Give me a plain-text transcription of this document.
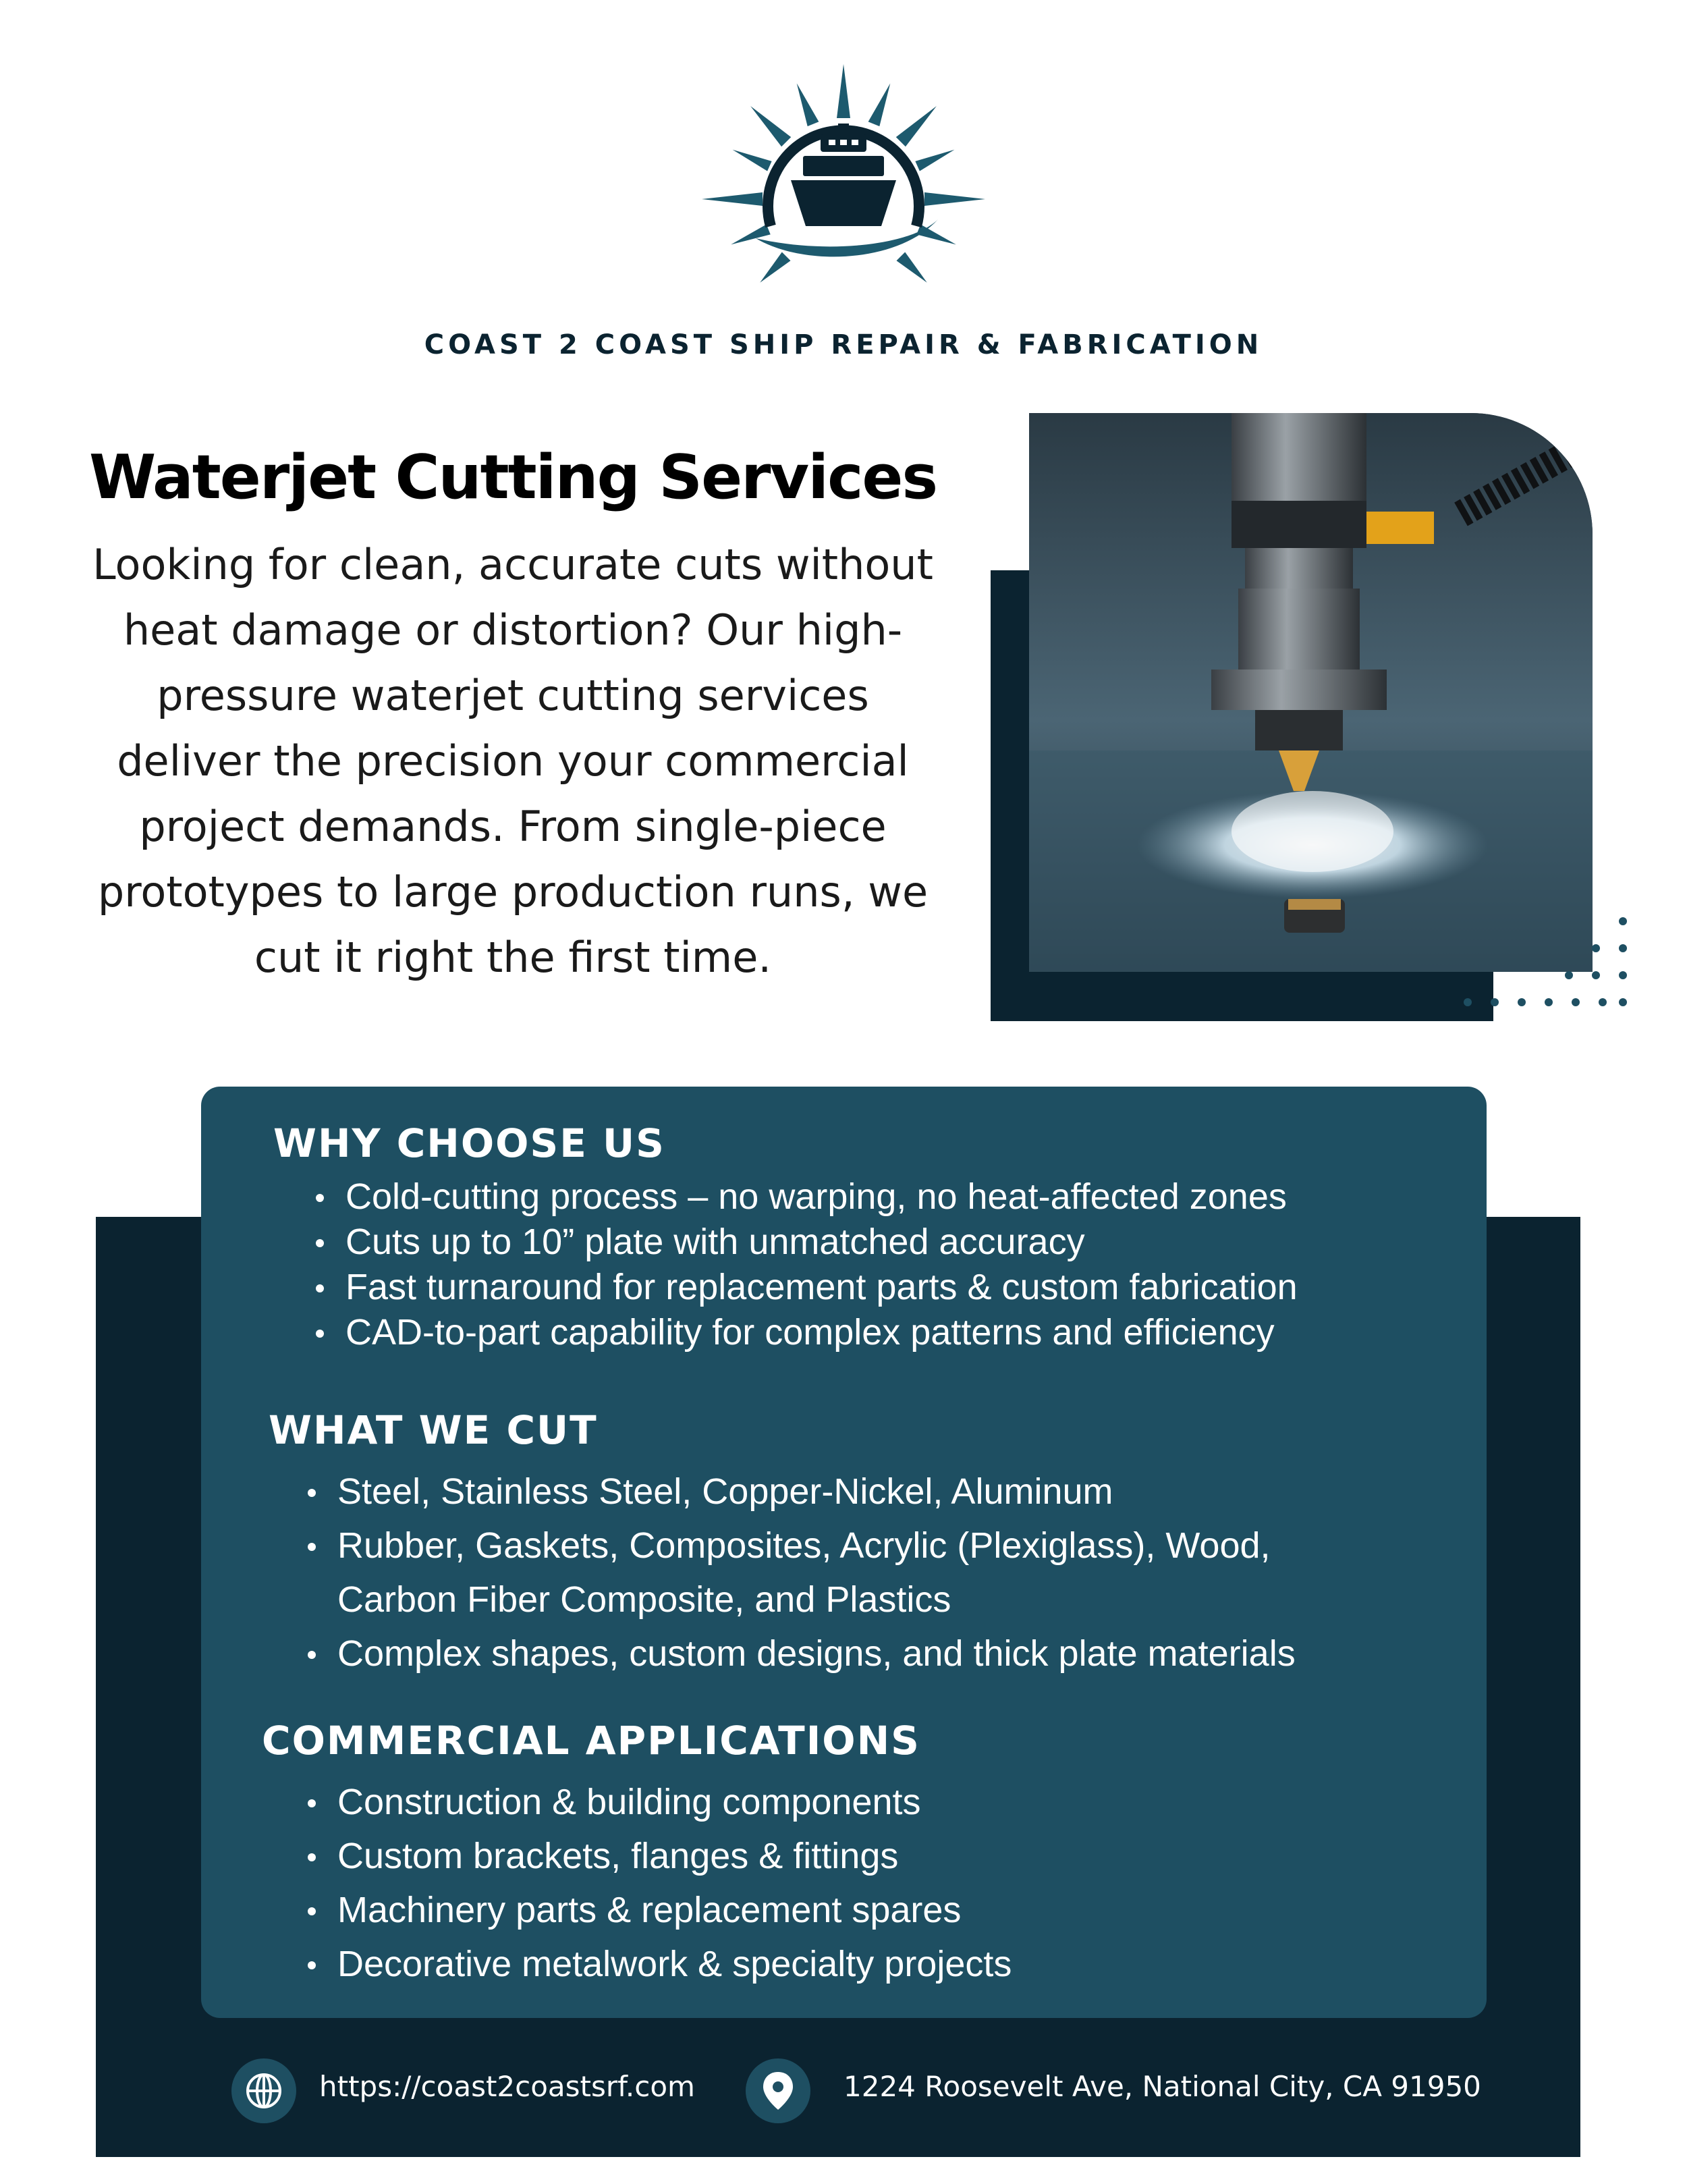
COAST 2 COAST SHIP REPAIR & FABRICATION
Waterjet Cutting Services
Looking for clean, accurate cuts without heat damage or distortion? Our high-pressure waterjet cutting services deliver the precision your commercial project demands. From single-piece prototypes to large production runs, we cut it right the first time.
WHY CHOOSE US
Cold-cutting process – no warping, no heat-affected zones
Cuts up to 10” plate with unmatched accuracy
Fast turnaround for replacement parts & custom fabrication
CAD-to-part capability for complex patterns and efficiency
WHAT WE CUT
Steel, Stainless Steel, Copper-Nickel, Aluminum
Rubber, Gaskets, Composites, Acrylic (Plexiglass), Wood,
Carbon Fiber Composite, and Plastics
Complex shapes, custom designs, and thick plate materials
COMMERCIAL APPLICATIONS
Construction & building components
Custom brackets, flanges & fittings
Machinery parts & replacement spares
Decorative metalwork & specialty projects
https://coast2coastsrf.com	1224 Roosevelt Ave, National City, CA 91950
